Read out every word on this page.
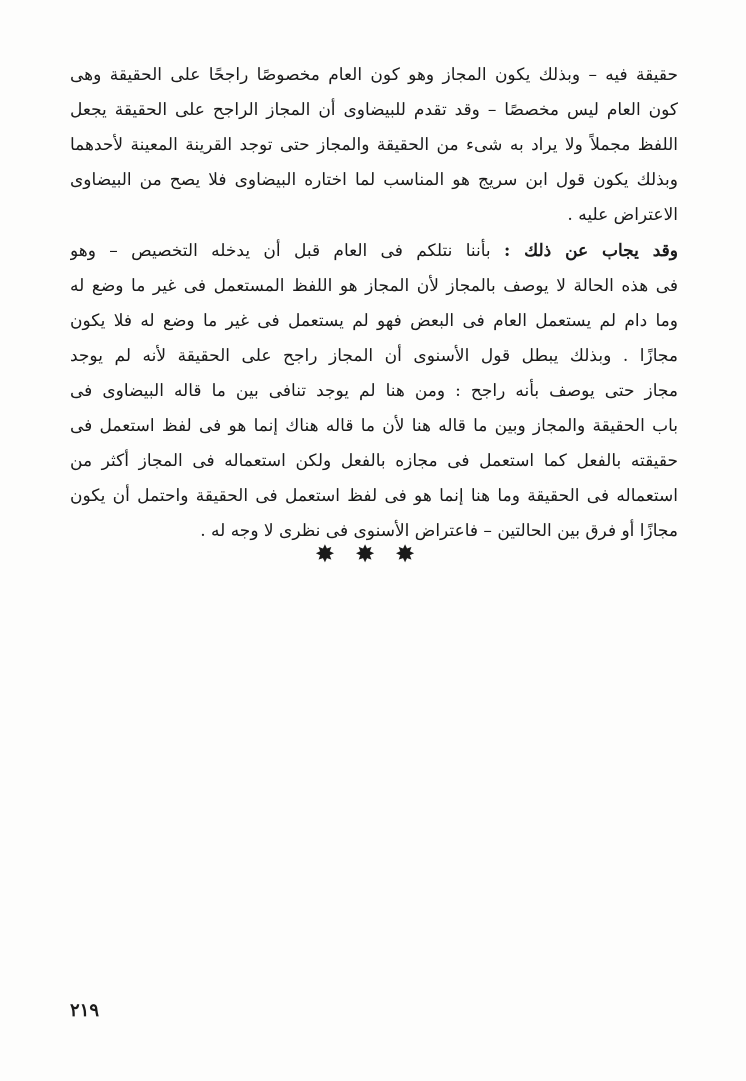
حقيقة فيه – وبذلك يكون المجاز وهو كون العام مخصوصًا راجحًا على الحقيقة وهى
كون العام ليس مخصصًا – وقد تقدم للبيضاوى أن المجاز الراجح على الحقيقة يجعل
اللفظ مجملاً ولا يراد به شىء من الحقيقة والمجاز حتى توجد القرينة المعينة لأحدهما
وبذلك يكون قول ابن سريج هو المناسب لما اختاره البيضاوى فلا يصح من البيضاوى
الاعتراض عليه .
وقد يجاب عن ذلك : بأننا نتلكم فى العام قبل أن يدخله التخصيص – وهو
فى هذه الحالة لا يوصف بالمجاز لأن المجاز هو اللفظ المستعمل فى غير ما وضع له
وما دام لم يستعمل العام فى البعض فهو لم يستعمل فى غير ما وضع له فلا يكون
مجازًا . وبذلك يبطل قول الأسنوى أن المجاز راجح على الحقيقة لأنه لم يوجد
مجاز حتى يوصف بأنه راجح : ومن هنا لم يوجد تنافى بين ما قاله البيضاوى فى
باب الحقيقة والمجاز وبين ما قاله هنا لأن ما قاله هناك إنما هو فى لفظ استعمل فى
حقيقته بالفعل كما استعمل فى مجازه بالفعل ولكن استعماله فى المجاز أكثر من
استعماله فى الحقيقة وما هنا إنما هو فى لفظ استعمل فى الحقيقة واحتمل أن يكون
مجازًا أو فرق بين الحالتين – فاعتراض الأسنوى فى نظرى لا وجه له .
✸✸✸
٢١٩
